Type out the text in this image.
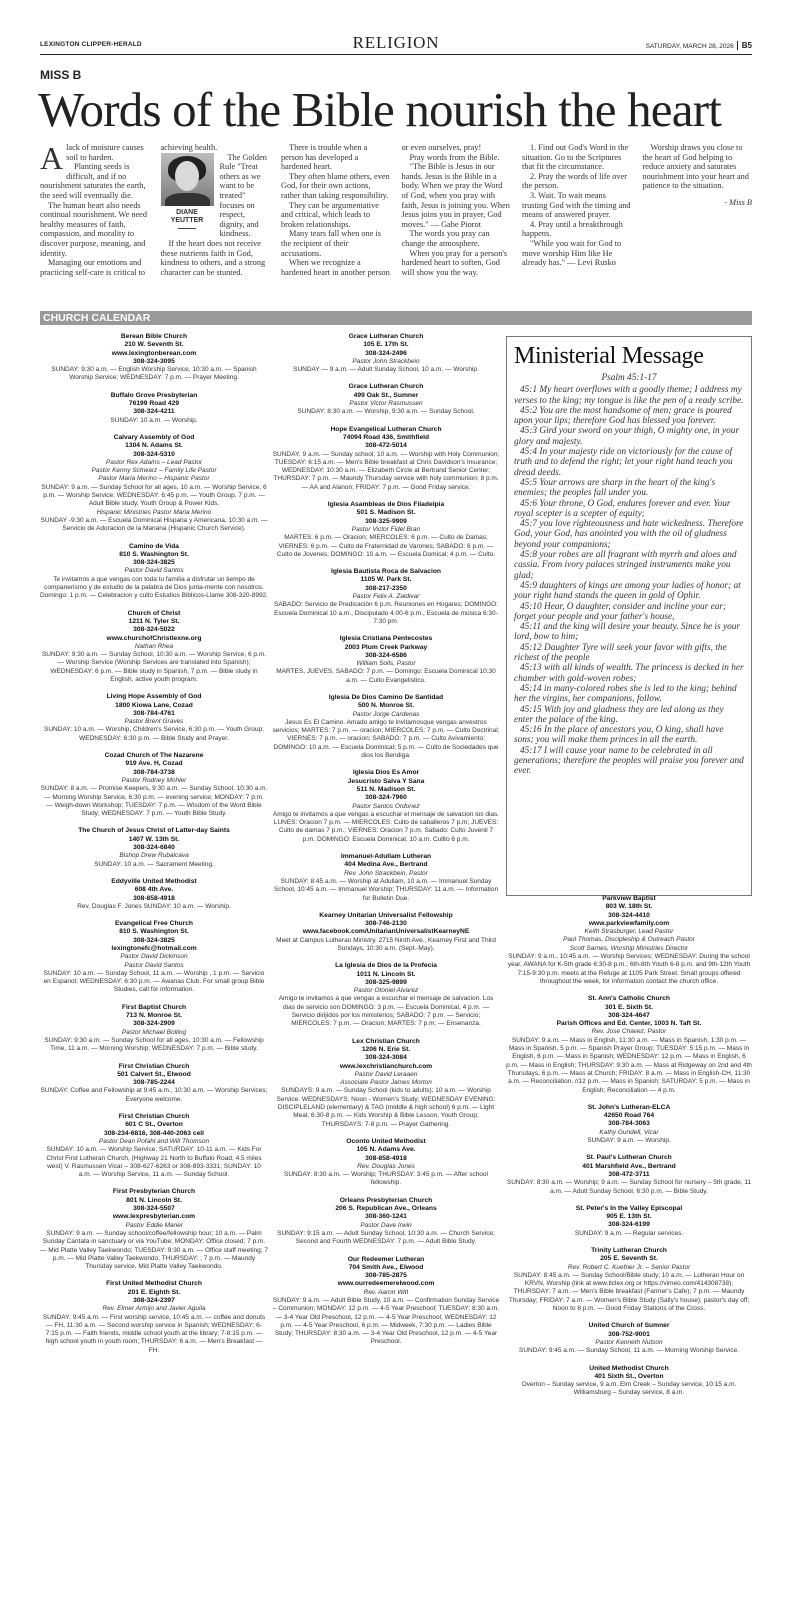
LEXINGTON CLIPPER-HERALD	RELIGION	SATURDAY, MARCH 28, 2026 B5
MISS B
Words of the Bible nourish the heart

Alack of moisture causes soil to harden.

Planting seeds is difficult, and if no nourishment saturates the earth, the seed will eventually die.

The human heart also needs continual nourishment. We need healthy measures of faith, compassion, and morality to discover purpose, meaning, and identity.

Managing our emotions and practicing self-care is critical to achieving health.

DIANE YEUTTER

The Golden Rule "Treat others as we want to be treated" focuses on respect, dignity, and kindness.

If the heart does not receive these nutrients faith in God, kindness to others, and a strong character can be stunted.

There is trouble when a person has developed a hardened heart.

They often blame others, even God, for their own actions, rather than taking responsibility.

They can be argumentative and critical, which leads to broken relationships.

Many tears fall when one is the recipient of their accusations.

When we recognize a hardened heart in another person or even ourselves, pray!

Pray words from the Bible.

"The Bible is Jesus in our hands. Jesus is the Bible in a body. When we pray the Word of God, when you pray with faith, Jesus is joining you. When Jesus joins you in prayer, God moves." — Gabe Piorot

The words you pray can change the atmosphere.

When you pray for a person's hardened heart to soften, God will show you the way.

1. Find out God's Word in the situation. Go to the Scriptures that fit the circumstance.

2. Pray the words of life over the person.

3. Wait. To wait means trusting God with the timing and means of answered prayer.

4. Pray until a breakthrough happens.

"While you wait for God to move worship Him like He already has." — Levi Rusko

Worship draws you close to the heart of God helping to reduce anxiety and saturates nourishment into your heart and patience to the situation.

- Miss B
CHURCH CALENDAR
Berean Bible Church
210 W. Seventh St.
www.lexingtonberean.com
308-324-3095
SUNDAY: 9:30 a.m. — English Worship Service, 10:30 a.m. — Spanish Worship Service; WEDNESDAY: 7 p.m. — Prayer Meeting.
Buffalo Grove Presbyterian
76199 Road 429
308-324-4211
SUNDAY: 10 a.m. — Worship.
Calvary Assembly of God
1304 N. Adams St.
308-324-5310
Pastor Rex Adams – Lead Pastor
Pastor Kenny Schwarz – Family Life Pastor
Pastor Maria Merino – Hispanic Pastor
SUNDAY: 9 a.m. — Sunday School for all ages, 10 a.m. — Worship Service, 6 p.m. — Worship Service; WEDNESDAY: 6:45 p.m. — Youth Group, 7 p.m. — Adult Bible study, Youth Group & Power Kids.
Hispanic Ministries Pastor Maria Merino
SUNDAY -9:30 a.m. — Escuela Dominical Hispana y Americana, 10:30 a.m. — Servicio de Adoracion de la Manana (Hispanic Church Service).
Camino de Vida
810 S. Washington St.
308-324-3825
Pastor David Santos
Te invitamos a que vengas con toda tu familia a disfrutar un tiempo de companerismo y de estudio de la palabra de Dios junta-mente con nosotros. Domingo: 1 p.m. — Celebracion y culto Estudios Biblicos-Llame 308-320-8992.
Church of Christ
1211 N. Tyler St.
308-324-5022
www.churchofChristlexne.org
Nathan Rhea
SUNDAY: 9:30 a.m. — Sunday School, 10:30 a.m. — Worship Service, 6 p.m. — Worship Service (Worship Services are translated into Spanish); WEDNESDAY: 6 p.m. — Bible study in Spanish, 7 p.m. — Bible study in English, active youth program.
Living Hope Assembly of God
1800 Kiowa Lane, Cozad
308-784-4761
Pastor Brent Graves
SUNDAY: 10 a.m. — Worship, Children's Service, 6:30 p.m. — Youth Group; WEDNESDAY: 6:30 p.m. — Bible Study and Prayer.
Cozad Church of The Nazarene
919 Ave. H, Cozad
308-784-3738
Pastor Rodney Mohler
SUNDAY: 8 a.m. — Promise Keepers, 9:30 a.m. — Sunday School, 10:30 a.m. — Morning Worship Service, 6:30 p.m. — evening service; MONDAY: 7 p.m. — Weigh-down Workshop; TUESDAY: 7 p.m. — Wisdom of the Word Bible Study; WEDNESDAY: 7 p.m. — Youth Bible Study.
The Church of Jesus Christ of Latter-day Saints
1407 W. 13th St.
308-324-6840
Bishop Drew Rubalcava
SUNDAY: 10 a.m. — Sacrament Meeting.
Eddyville United Methodist
608 4th Ave.
308-858-4918
Rev. Douglas F. Jones SUNDAY: 10 a.m. — Worship.
Evangelical Free Church
810 S. Washington St.
308-324-3825
lexingtonefc@hotmail.com
Pastor David Dickinson
Pastor David Santos
SUNDAY: 10 a.m. — Sunday School, 11 a.m. — Worship , 1 p.m. — Servicio en Espanol; WEDNESDAY: 6:30 p.m. — Awanas Club. For small group Bible Studies, call for information.
First Baptist Church
713 N. Monroe St.
308-324-2909
Pastor Michael Bolling
SUNDAY: 9:30 a.m. — Sunday School for all ages, 10:30 a.m. — Fellowship Time, 11 a.m. — Morning Worship; WEDNESDAY: 7 p.m. — Bible study.
First Christian Church
501 Calvert St., Elwood
308-785-2244
SUNDAY: Coffee and Fellowship at 9:45 a.m., 10:30 a.m. — Worship Services; Everyone welcome.
First Christian Church
601 C St., Overton
308-234-6816, 308-440-2063 cell
Pastor Dean Pofahl and Will Thomson
SUNDAY: 10 a.m. — Worship Service; SATURDAY: 10-11 a.m. — Kids For Christ First Lutheran Church, (Highway 21 North to Buffalo Road, 4.5 miles west) V. Rasmussen Vicar – 308-627-6263 or 308-893-3331; SUNDAY: 10 a.m. — Worship Service, 11 a.m. — Sunday School.
First Presbyterian Church
801 N. Lincoln St.
308-324-5507
www.lexpresbyterian.com
Pastor Eddie Mariel
SUNDAY: 9 a.m. — Sunday school/coffee/fellowship hour; 10 a.m. — Palm Sunday Cantata in sanctuary or via YouTube; MONDAY: Office closed; 7 p.m. — Mid Platte Valley Taekwondo; TUESDAY: 9:30 a.m. — Office staff meeting; 7 p.m. — Mid Platte Valley Taekwondo; THURSDAY: ; 7 p.m. — Maundy Thursday service, Mid Platte Valley Taekwondo.
First United Methodist Church
201 E. Eighth St.
308-324-2397
Rev. Elmer Armijo and Javier Aguila
SUNDAY: 9:45 a.m. — First worship service, 10:45 a.m. — coffee and donuts — FH, 11:30 a.m. — Second worship service in Spanish; WEDNESDAY: 6-7:15 p.m. — Faith friends, middle school youth at the library; 7-8:15 p.m. — high school youth in youth room; THURSDAY: 6 a.m. — Men's Breakfast — FH.
Grace Lutheran Church
105 E. 17th St.
308-324-2496
Pastor John Strackbein
SUNDAY — 9 a.m. — Adult Sunday School, 10 a.m. — Worship.
Grace Lutheran Church
499 Oak St., Sumner
Pastor Victor Rasmussen
SUNDAY: 8:30 a.m. — Worship, 9:30 a.m. — Sunday School.
Hope Evangelical Lutheran Church
74094 Road 436, Smithfield
308-472-5014
SUNDAY: 9 a.m. — Sunday school; 10 a.m. — Worship with Holy Communion; TUESDAY: 6:15 a.m. — Men's Bible breakfast at Chris Davidson's Insurance; WEDNESDAY: 10:30 a.m. — Elizabeth Circle at Bertrand Senior Center; THURSDAY: 7 p.m. — Maundy Thursday service with holy communion; 8 p.m. — AA and Alanon; FRIDAY: 7 p.m. — Good Friday service.
Iglesia Asambleas de Dios Filadelpia
501 S. Madison St.
308-325-9909
Pastor Victor Fidel Bran
MARTES: 6 p.m. — Oracion; MIERCOLES: 6 p.m. — Culto de Damas; VIERNES: 6 p.m. — Culto de Fraternidad de Varones; SABADO: 6 p.m. — Culto de Jovenes; DOMINGO: 10 a.m. — Escuela Domical; 4 p.m. — Culto.
Iglesia Bautista Roca de Salvacion
1105 W. Park St.
308-217-2350
Pastor Felix A. Zaldivar
SABADO: Servicio de Predicación 6 p.m. Reuniones en Hogares; DOMINGO: Escuela Dominical 10 a.m., Discipulado 4:00-6 p.m., Escuela de música 6:30-7:30 pm.
Iglesia Cristiana Pentecostes
2003 Plum Creek Parkway
308-324-6586
William Solis, Pastor
MARTES, JUEVES, SABADO: 7 p.m. — Domingo: Escuela Dominical 10:30 a.m. — Culto Evangelistico.
Iglesia De Dios Camino De Santidad
500 N. Monroe St.
Pastor Jorge Cardenas
Jesus Es El Camino. Amado amigo te invitamosque vengas anvestros servicios; MARTES: 7 p.m. — oracion; MIERCOLES: 7 p.m. — Culto Doctrinal; VIERNES: 7 p.m. — oracion; SABADO: 7 p.m. — Culto Avivamiento; DOMINGO: 10 a.m. — Escuela Dominical; 5 p.m. — Culto de Sociedades que dios los Bendiga.
Iglesia Dios Es Amor
Jesucristo Salva Y Sana
511 N. Madison St.
308-324-7960
Pastor Santos Ordonez
Amigo te invitamos a que vengas a escuchar el mensaje de salvacion los dias. LUNES: Oracion 7 p.m. — MIERCOLES: Culto de caballeros 7 p.m; JUEVES: Culto de damas 7 p.m.; VIERNES: Oracion 7 p.m. Sabado: Culto Juvenil 7 p.m. DOMINGO: Escuela Dominical, 10 a.m. Cullto 6 p.m.
Immanuel-Adullam Lutheran
404 Medina Ave., Bertrand
Rev. John Strackbein, Pastor
SUNDAY: 8:45 a.m. — Worship at Adullam, 10 a.m. — Immanuel Sunday School, 10:45 a.m. — Immanuel Worship; THURSDAY: 11 a.m. — Information for Bulletin Due.
Kearney Unitarian Universalist Fellowship
308-746-2130
www.facebook.com/UnitarianUniversalistKearneyNE
Meet at Campus Lutheran Ministry, 2715 Ninth Ave., Kearney First and Third Sundays, 10:30 a.m. (Sept.-May).
La Iglesia de Dios de la Profecia
1011 N. Lincoln St.
308-325-9899
Pastor Otoniel Alvarez
Amigo te invitamos a que vengas a escuchar el mensaje de salvacion. Los dias de servicio son DOMINGO: 3 p.m. — Escuela Dominical, 4 p.m. — Servicio dirijidos por los ministerios; SABADO: 7 p.m. — Servicio; MIERCOLES: 7 p.m. — Oracion; MARTES: 7 p.m. — Ensenanza.
Lex Christian Church
1206 N. Erie St.
308-324-3084
www.lexchristianchurch.com
Pastor David Leraaen
Associate Pastor James Morton
SUNDAYS: 9 a.m. — Sunday School (kids to adults); 10 a.m. — Worship Service. WEDNESDAYS: Noon - Women's Study; WEDNESDAY EVENING: DISCIPLELAND (elementary) & TAG (middle & high school) 6 p.m. — Light Meal; 6:30-8 p.m. — Kids Worship & Bible Lesson, Youth Group; THURSDAYS: 7-8 p.m. — Prayer Gathering.
Oconto United Methodist
105 N. Adams Ave.
308-858-4918
Rev. Douglas Jones
SUNDAY: 8:30 a.m. — Worship; THURSDAY: 3:45 p.m. — After school fellowship.
Orleans Presbyterian Church
206 S. Republican Ave., Orleans
308-360-1241
Pastor Dave Irwin
SUNDAY: 9:15 a.m. — Adult Sunday School, 10:30 a.m. — Church Service; Second and Fourth WEDNESDAY: 7 p.m. — Adult Bible Study.
Our Redeemer Lutheran
704 Smith Ave., Elwood
308-785-2875
www.ourredeemerelwood.com
Rev. Aaron Witt
SUNDAY: 9 a.m. — Adult Bible Study, 10 a.m. — Confirmation Sunday Service – Communion; MONDAY: 12 p.m. — 4-5 Year Preschool; TUESDAY: 8:30 a.m. — 3-4 Year Old Preschool, 12 p.m. — 4-5 Year Preschool; WEDNESDAY: 12 p.m. — 4-5 Year Preschool, 6 p.m. — Midweek, 7:30 p.m. — Ladies Bible Study; THURSDAY: 8:30 a.m. — 3-4 Year Old Preschool, 12 p.m. — 4-5 Year Preschool.
Ministerial Message
Psalm 45:1-17

45:1 My heart overflows with a goodly theme; I address my verses to the king; my tongue is like the pen of a ready scribe.

45:2 You are the most handsome of men; grace is poured upon your lips; therefore God has blessed you forever.

45:3 Gird your sword on your thigh, O mighty one, in your glory and majesty.

45:4 In your majesty ride on victoriously for the cause of truth and to defend the right; let your right hand teach you dread deeds.

45:5 Your arrows are sharp in the heart of the king's enemies; the peoples fall under you.

45:6 Your throne, O God, endures forever and ever. Your royal scepter is a scepter of equity;

45:7 you love righteousness and hate wickedness. Therefore God, your God, has anointed you with the oil of gladness beyond your companions;

45:8 your robes are all fragrant with myrrh and aloes and cassia. From ivory palaces stringed instruments make you glad;

45:9 daughters of kings are among your ladies of honor; at your right hand stands the queen in gold of Ophir.

45:10 Hear, O daughter, consider and incline your ear; forget your people and your father's house,

45:11 and the king will desire your beauty. Since he is your lord, bow to him;

45:12 Daughter Tyre will seek your favor with gifts, the richest of the people

45:13 with all kinds of wealth. The princess is decked in her chamber with gold-woven robes;

45:14 in many-colored robes she is led to the king; behind her the virgins, her companions, follow.

45:15 With joy and gladness they are led along as they enter the palace of the king.

45:16 In the place of ancestors you, O king, shall have sons; you will make them princes in all the earth.

45:17 I will cause your name to be celebrated in all generations; therefore the peoples will praise you forever and ever.

Parkview Baptist
803 W. 18th St.
308-324-4410
www.parkviewfamily.com
Keith Strasburger, Lead Pastor
Paul Thomas, Discipleship & Outreach Pastor
Scott Sarnes, Worship Ministries Director
SUNDAY: 9 a.m., 10:45 a.m. — Worship Services; WEDNESDAY: During the school year, AWANA for K-5th grade 6:30-8 p.m.; 6th-8th Youth 6-8 p.m. and 9th-12th Youth 7:15-9:30 p.m. meets at the Refuge at 1105 Park Street. Small groups offered throughout the week, for information contact the church office.
St. Ann's Catholic Church
301 E. Sixth St.
308-324-4647
Parish Offices and Ed. Center, 1003 N. Taft St.
Rev. Jose Chavez, Pastor
SUNDAY: 9 a.m. — Mass in English, 11:30 a.m. — Mass in Spanish, 1:30 p.m. — Mass in Spanish, 5 p.m. — Spanish Prayer Group; TUESDAY: 5:15 p.m. — Mass in English, 6 p.m. — Mass in Spanish; WEDNESDAY: 12 p.m. — Mass in English, 6 p.m. — Mass in English; THURSDAY: 9:30 a.m. — Mass at Ridgeway on 2nd and 4th Thursdays, 6 p.m. — Mass at Church; FRIDAY: 8 a.m. — Mass in English-CH, 11:30 a.m. — Reconciliation, //12 p.m. — Mass in Spanish; SATURDAY: 5 p.m. — Mass in English; Reconciliation — 4 p.m.
St. John's Lutheran-ELCA
42650 Road 764
308-784-3063
Kathy Gundell, Vicar
SUNDAY: 9 a.m. — Worship.
St. Paul's Lutheran Church
401 Marshfield Ave., Bertrand
308-472-3711
SUNDAY: 8:30 a.m. — Worship; 9 a.m. — Sunday School for nursery – 5th grade, 11 a.m. — Adult Sunday School, 6:30 p.m. — Bible Study.
St. Peter's In the Valley Episcopal
905 E. 13th St.
308-324-6199
SUNDAY: 9 a.m. — Regular services.
Trinity Lutheran Church
205 E. Seventh St.
Rev. Robert C. Kuefner Jr. – Senior Pastor
SUNDAY: 8:45 a.m. — Sunday School/Bible study; 10 a.m. — Lutheran Hour on KRVN, Worship (link at www.tlclex.org or https://vimeo.com/414308738); THURSDAY: 7 a.m. — Men's Bible breakfast (Farmer's Cafe); 7 p.m. — Maundy Thursday; FRIDAY: 7 a.m. — Women's Bible Study (Sally's house); pastor's day off; Noon to 8 p.m. — Good Friday Stations of the Cross.
United Church of Sumner
308-752-9001
Pastor Kenneth Nutson
SUNDAY: 9:45 a.m. — Sunday School, 11 a.m. — Morning Worship Service.
United Methodist Church
401 Sixth St., Overton
Overton – Sunday service, 9 a.m. Elm Creek – Sunday service, 10:15 a.m. Williamsburg – Sunday service, 8 a.m.
